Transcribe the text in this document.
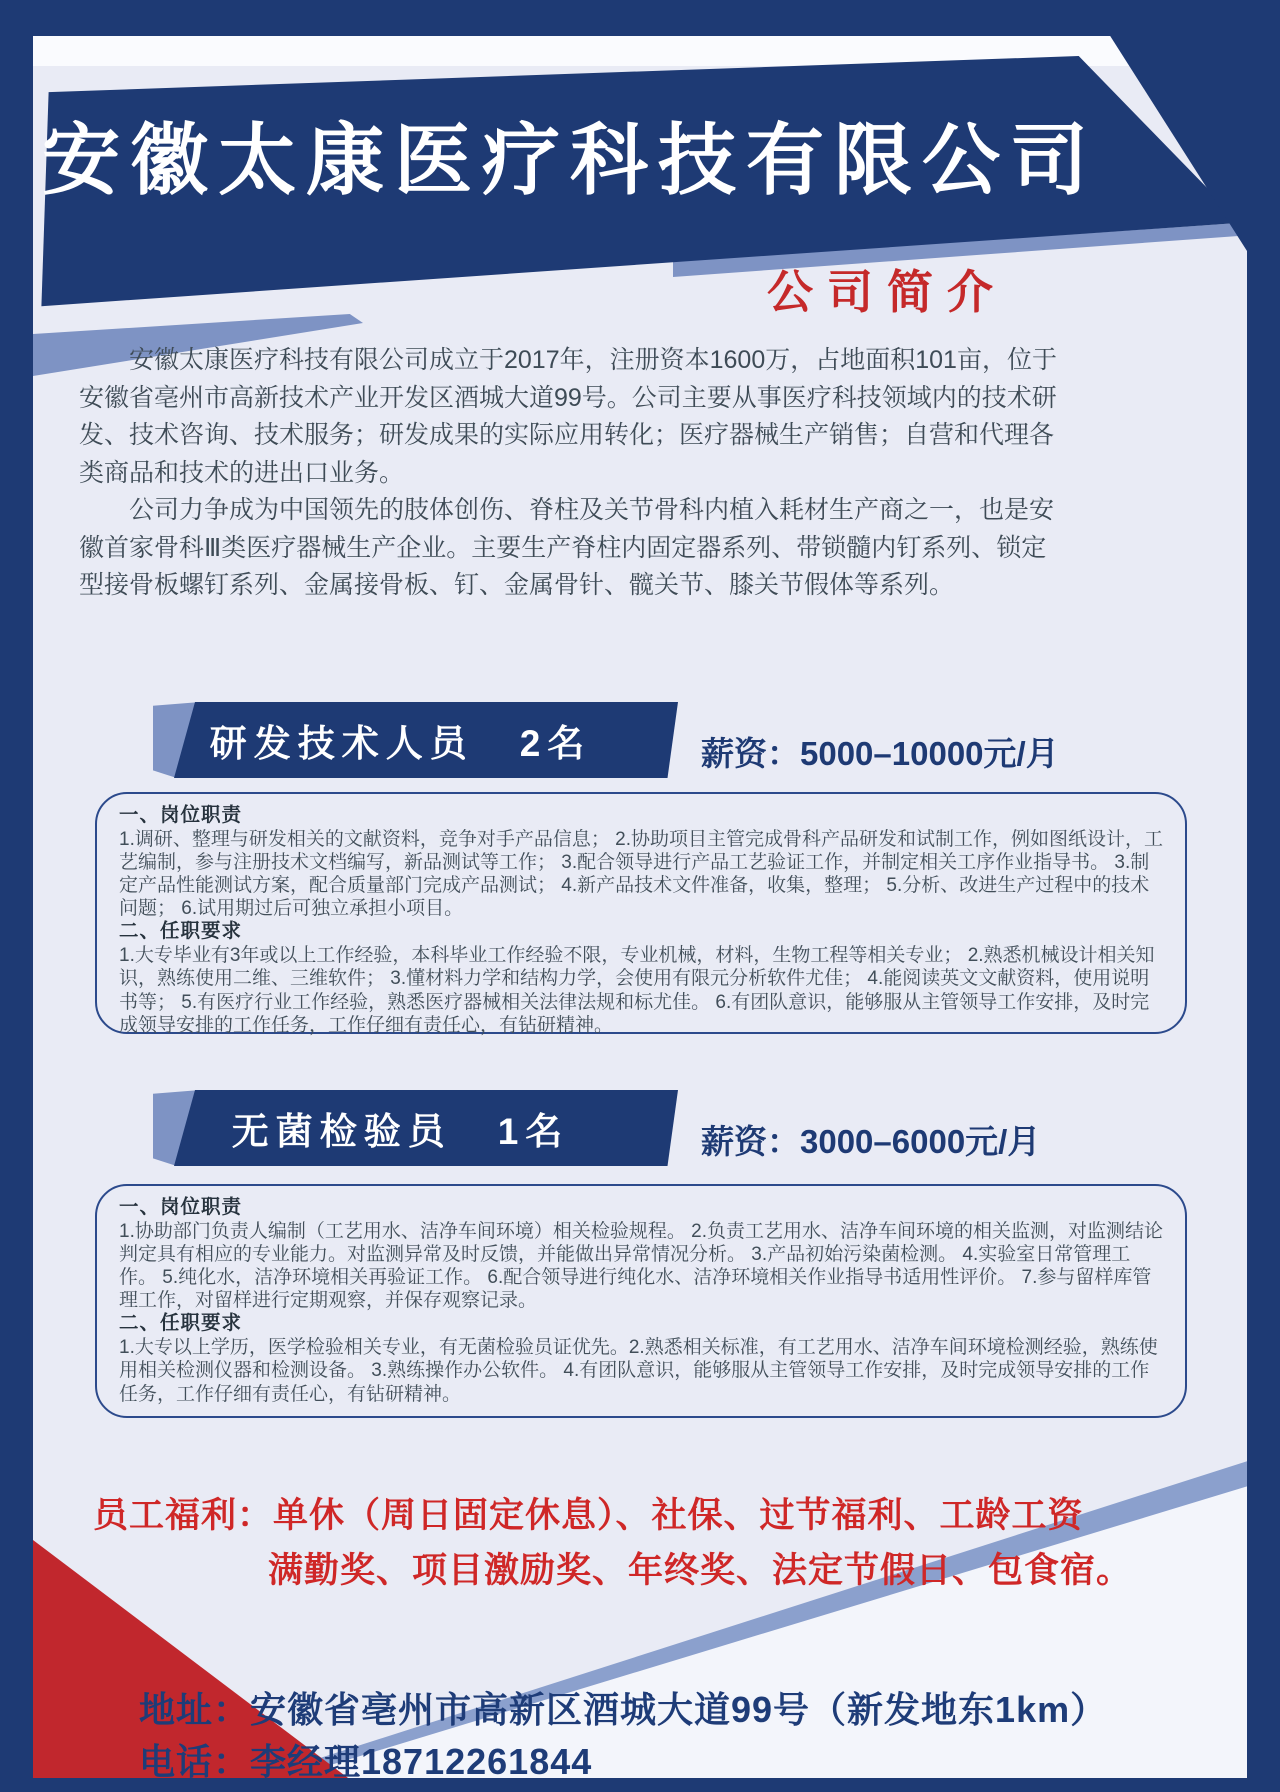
安徽太康医疗科技有限公司
公司简介

安徽太康医疗科技有限公司成立于2017年，注册资本1600万，占地面积101亩，位于安徽省亳州市高新技术产业开发区酒城大道99号。公司主要从事医疗科技领域内的技术研发、技术咨询、技术服务；研发成果的实际应用转化；医疗器械生产销售；自营和代理各类商品和技术的进出口业务。

公司力争成为中国领先的肢体创伤、脊柱及关节骨科内植入耗材生产商之一，也是安徽首家骨科Ⅲ类医疗器械生产企业。主要生产脊柱内固定器系列、带锁髓内钉系列、锁定型接骨板螺钉系列、金属接骨板、钉、金属骨针、髋关节、膝关节假体等系列。

研发技术人员 2名	薪资：5000–10000元/月
一、岗位职责

1.调研、整理与研发相关的文献资料，竞争对手产品信息； 2.协助项目主管完成骨科产品研发和试制工作，例如图纸设计，工艺编制，参与注册技术文档编写，新品测试等工作； 3.配合领导进行产品工艺验证工作，并制定相关工序作业指导书。 3.制定产品性能测试方案，配合质量部门完成产品测试； 4.新产品技术文件准备，收集，整理； 5.分析、改进生产过程中的技术问题； 6.试用期过后可独立承担小项目。

二、任职要求

1.大专毕业有3年或以上工作经验，本科毕业工作经验不限，专业机械，材料，生物工程等相关专业； 2.熟悉机械设计相关知识，熟练使用二维、三维软件； 3.懂材料力学和结构力学，会使用有限元分析软件尤佳； 4.能阅读英文文献资料，使用说明书等； 5.有医疗行业工作经验，熟悉医疗器械相关法律法规和标尤佳。 6.有团队意识，能够服从主管领导工作安排，及时完成领导安排的工作任务，工作仔细有责任心，有钻研精神。

无菌检验员 1名	薪资：3000–6000元/月
一、岗位职责

1.协助部门负责人编制（工艺用水、洁净车间环境）相关检验规程。 2.负责工艺用水、洁净车间环境的相关监测，对监测结论判定具有相应的专业能力。对监测异常及时反馈，并能做出异常情况分析。 3.产品初始污染菌检测。 4.实验室日常管理工作。 5.纯化水，洁净环境相关再验证工作。 6.配合领导进行纯化水、洁净环境相关作业指导书适用性评价。 7.参与留样库管理工作，对留样进行定期观察，并保存观察记录。

二、任职要求

1.大专以上学历，医学检验相关专业，有无菌检验员证优先。2.熟悉相关标准，有工艺用水、洁净车间环境检测经验，熟练使用相关检测仪器和检测设备。 3.熟练操作办公软件。 4.有团队意识，能够服从主管领导工作安排，及时完成领导安排的工作任务，工作仔细有责任心，有钻研精神。

员工福利：单休（周日固定休息）、社保、过节福利、工龄工资
满勤奖、项目激励奖、年终奖、法定节假日、包食宿。
地址：安徽省亳州市高新区酒城大道99号（新发地东1km）
电话：李经理18712261844
